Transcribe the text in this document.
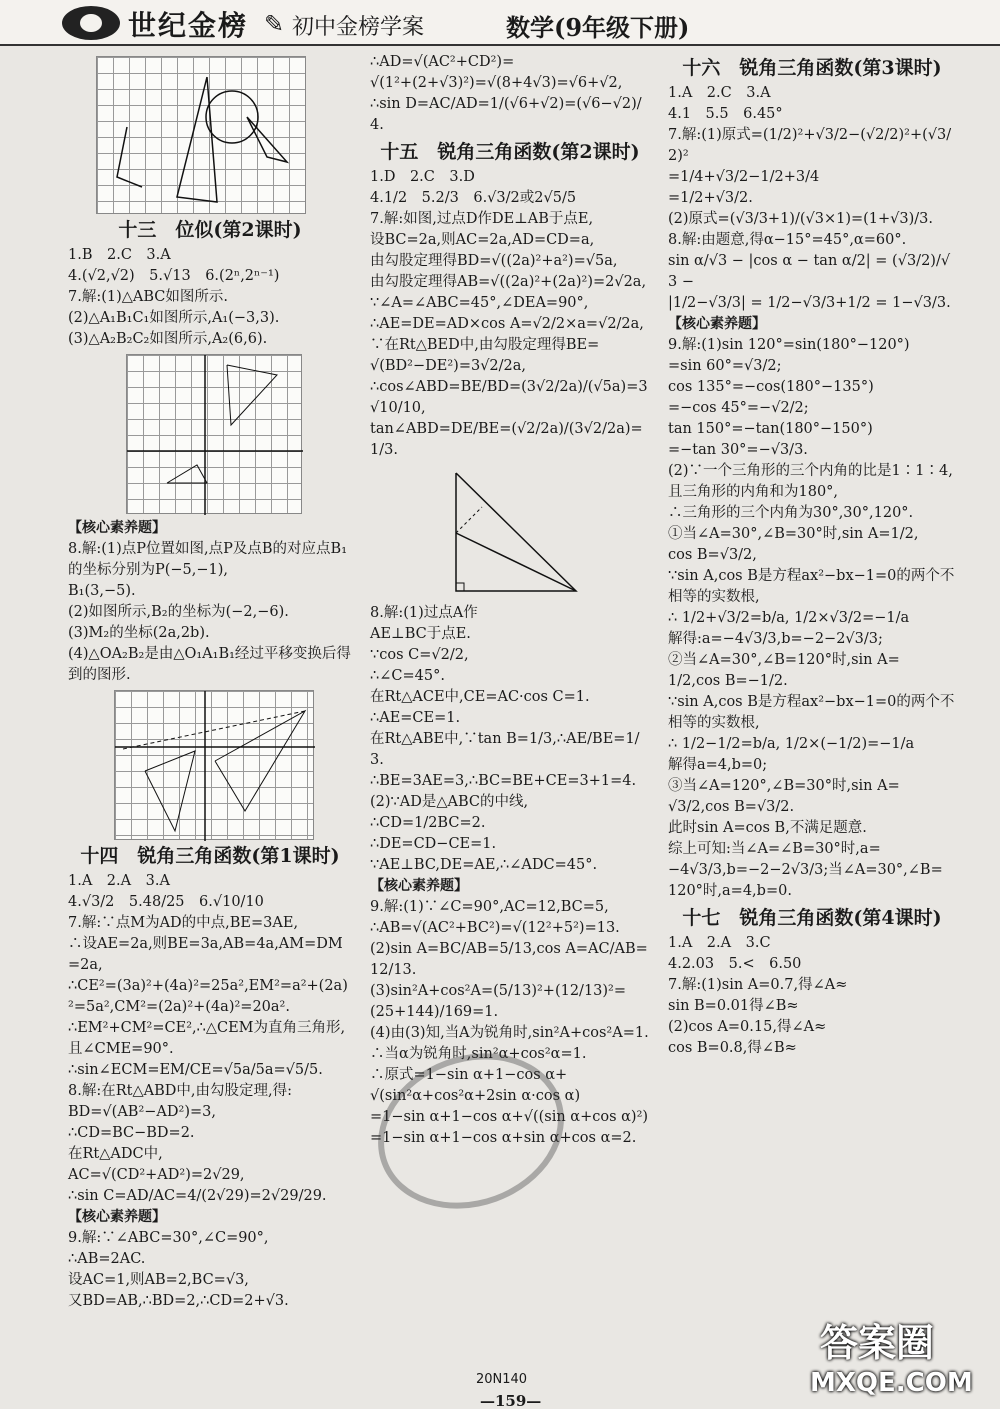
世纪金榜 ✎ 初中金榜学案	数学(9年级下册)
十三　位似(第2课时)
1.B　2.C　3.A
4.(√2,√2)　5.√13　6.(2ⁿ,2ⁿ⁻¹)
7.解:(1)△ABC如图所示.
(2)△A₁B₁C₁如图所示,A₁(−3,3).
(3)△A₂B₂C₂如图所示,A₂(6,6).
【核心素养题】
8.解:(1)点P位置如图,点P及点B的对应点B₁的坐标分别为P(−5,−1),
B₁(3,−5).
(2)如图所示,B₂的坐标为(−2,−6).
(3)M₂的坐标(2a,2b).
(4)△OA₂B₂是由△O₁A₁B₁经过平移变换后得到的图形.
十四　锐角三角函数(第1课时)
1.A　2.A　3.A
4.√3/2　5.48/25　6.√10/10
7.解:∵点M为AD的中点,BE=3AE,
∴设AE=2a,则BE=3a,AB=4a,AM=DM=2a,
∴CE²=(3a)²+(4a)²=25a²,EM²=a²+(2a)²=5a²,CM²=(2a)²+(4a)²=20a².
∴EM²+CM²=CE²,∴△CEM为直角三角形,且∠CME=90°.
∴sin∠ECM=EM/CE=√5a/5a=√5/5.
8.解:在Rt△ABD中,由勾股定理,得:
BD=√(AB²−AD²)=3,
∴CD=BC−BD=2.
在Rt△ADC中,
AC=√(CD²+AD²)=2√29,
∴sin C=AD/AC=4/(2√29)=2√29/29.
【核心素养题】
9.解:∵∠ABC=30°,∠C=90°,
∴AB=2AC.
设AC=1,则AB=2,BC=√3,
又BD=AB,∴BD=2,∴CD=2+√3.
∴AD=√(AC²+CD²)=
√(1²+(2+√3)²)=√(8+4√3)=√6+√2,
∴sin D=AC/AD=1/(√6+√2)=(√6−√2)/4.
十五　锐角三角函数(第2课时)
1.D　2.C　3.D
4.1/2　5.2/3　6.√3/2或2√5/5
7.解:如图,过点D作DE⊥AB于点E,
设BC=2a,则AC=2a,AD=CD=a,
由勾股定理得BD=√((2a)²+a²)=√5a,
由勾股定理得AB=√((2a)²+(2a)²)=2√2a,
∵∠A=∠ABC=45°,∠DEA=90°,
∴AE=DE=AD×cos A=√2/2×a=√2/2a,
∵在Rt△BED中,由勾股定理得BE=
√(BD²−DE²)=3√2/2a,
∴cos∠ABD=BE/BD=(3√2/2a)/(√5a)=3√10/10,
tan∠ABD=DE/BE=(√2/2a)/(3√2/2a)=1/3.
8.解:(1)过点A作
AE⊥BC于点E.
∵cos C=√2/2,
∴∠C=45°.
在Rt△ACE中,CE=AC·cos C=1.
∴AE=CE=1.
在Rt△ABE中,∵tan B=1/3,∴AE/BE=1/3.
∴BE=3AE=3,∴BC=BE+CE=3+1=4.
(2)∵AD是△ABC的中线,
∴CD=1/2BC=2.
∴DE=CD−CE=1.
∵AE⊥BC,DE=AE,∴∠ADC=45°.
【核心素养题】
9.解:(1)∵∠C=90°,AC=12,BC=5,
∴AB=√(AC²+BC²)=√(12²+5²)=13.
(2)sin A=BC/AB=5/13,cos A=AC/AB=12/13.
(3)sin²A+cos²A=(5/13)²+(12/13)²=
(25+144)/169=1.
(4)由(3)知,当A为锐角时,sin²A+cos²A=1.
∴当α为锐角时,sin²α+cos²α=1.
∴原式=1−sin α+1−cos α+
√(sin²α+cos²α+2sin α·cos α)
=1−sin α+1−cos α+√((sin α+cos α)²)
=1−sin α+1−cos α+sin α+cos α=2.
十六　锐角三角函数(第3课时)
1.A　2.C　3.A
4.1　5.5　6.45°
7.解:(1)原式=(1/2)²+√3/2−(√2/2)²+(√3/2)²
=1/4+√3/2−1/2+3/4
=1/2+√3/2.
(2)原式=(√3/3+1)/(√3×1)=(1+√3)/3.
8.解:由题意,得α−15°=45°,α=60°.
sin α/√3 − |cos α − tan α/2| = (√3/2)/√3 −
|1/2−√3/3| = 1/2−√3/3+1/2 = 1−√3/3.
【核心素养题】
9.解:(1)sin 120°=sin(180°−120°)
=sin 60°=√3/2;
cos 135°=−cos(180°−135°)
=−cos 45°=−√2/2;
tan 150°=−tan(180°−150°)
=−tan 30°=−√3/3.
(2)∵一个三角形的三个内角的比是1∶1∶4,且三角形的内角和为180°,
∴三角形的三个内角为30°,30°,120°.
①当∠A=30°,∠B=30°时,sin A=1/2,
cos B=√3/2,
∵sin A,cos B是方程ax²−bx−1=0的两个不相等的实数根,
∴ 1/2+√3/2=b/a, 1/2×√3/2=−1/a
解得:a=−4√3/3,b=−2−2√3/3;
②当∠A=30°,∠B=120°时,sin A=
1/2,cos B=−1/2.
∵sin A,cos B是方程ax²−bx−1=0的两个不相等的实数根,
∴ 1/2−1/2=b/a, 1/2×(−1/2)=−1/a
解得a=4,b=0;
③当∠A=120°,∠B=30°时,sin A=
√3/2,cos B=√3/2.
此时sin A=cos B,不满足题意.
综上可知:当∠A=∠B=30°时,a=
−4√3/3,b=−2−2√3/3;当∠A=30°,∠B=
120°时,a=4,b=0.
十七　锐角三角函数(第4课时)
1.A　2.A　3.C
4.2.03　5.<　6.50
7.解:(1)sin A=0.7,得∠A≈
sin B=0.01得∠B≈
(2)cos A=0.15,得∠A≈
cos B=0.8,得∠B≈
20N140
—159—
答案圈
MXQE.COM
